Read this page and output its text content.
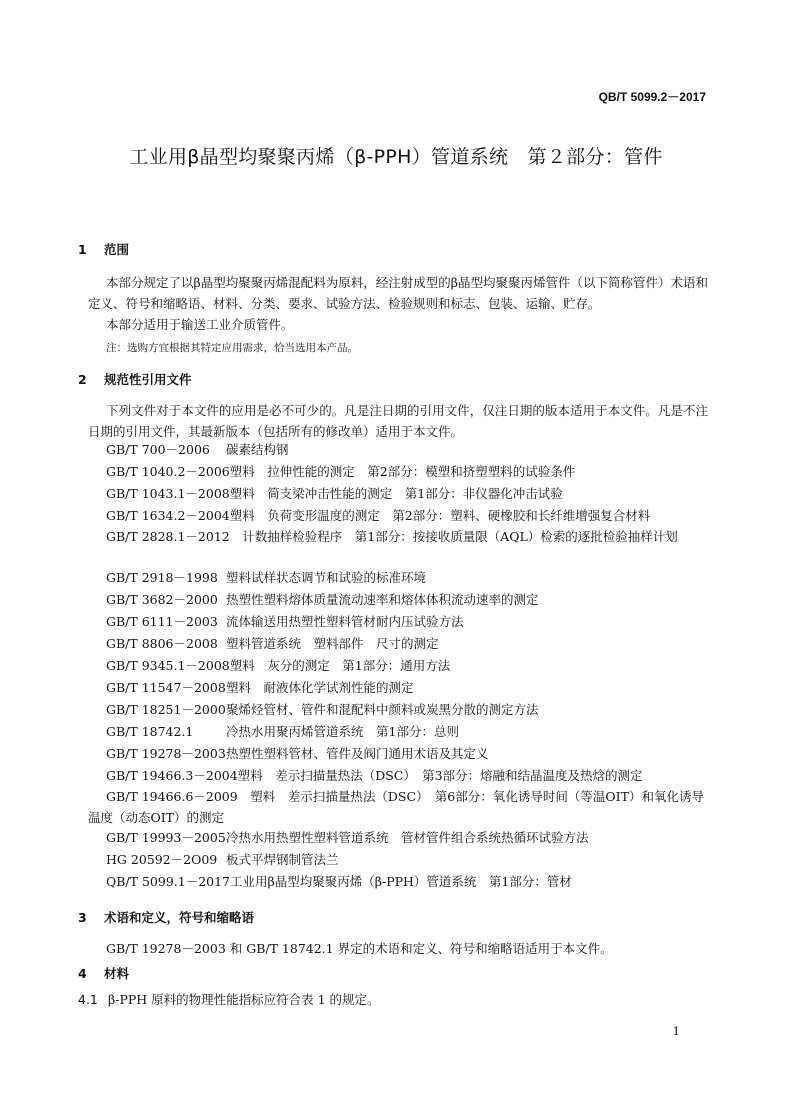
QB/T 5099.2－2017
工业用β晶型均聚聚丙烯（β-PPH）管道系统　第２部分：管件
1 范围
本部分规定了以β晶型均聚聚丙烯混配料为原料，经注射成型的β晶型均聚聚丙烯管件（以下简称管件）术语和定义、符号和缩略语、材料、分类、要求、试验方法、检验规则和标志、包装、运输、贮存。
本部分适用于输送工业介质管件。
注：选购方宜根据其特定应用需求，恰当选用本产品。
2 规范性引用文件
下列文件对于本文件的应用是必不可少的。凡是注日期的引用文件，仅注日期的版本适用于本文件。凡是不注日期的引用文件，其最新版本（包括所有的修改单）适用于本文件。
GB/T 700－2006 碳素结构钢
GB/T 1040.2－2006塑料　拉伸性能的测定　第2部分：模塑和挤塑塑料的试验条件
GB/T 1043.1－2008塑料　简支梁冲击性能的测定　第1部分：非仪器化冲击试验
GB/T 1634.2－2004塑料　负荷变形温度的测定　第2部分：塑料、硬橡胶和长纤维增强复合材料
GB/T 2828.1－2012　 计数抽样检验程序　第1部分：按接收质量限（AQL）检索的逐批检验抽样计划
GB/T 2918－1998 塑料试样状态调节和试验的标准环境
GB/T 3682－2000 热塑性塑料熔体质量流动速率和熔体体积流动速率的测定
GB/T 6111－2003 流体输送用热塑性塑料管材耐内压试验方法
GB/T 8806－2008 塑料管道系统　塑料部件　尺寸的测定
GB/T 9345.1－2008塑料　灰分的测定　第1部分：通用方法
GB/T 11547－2008塑料　耐液体化学试剂性能的测定
GB/T 18251－2000聚烯烃管材、管件和混配料中颜料或炭黑分散的测定方法
GB/T 18742.1	冷热水用聚丙烯管道系统　第1部分：总则
GB/T 19278－2003热塑性塑料管材、管件及阀门通用术语及其定义
GB/T 19466.3－2004塑料　差示扫描量热法（DSC）　第3部分：熔融和结晶温度及热焓的测定
GB/T 19466.6－2009　 塑料　差示扫描量热法（DSC）　第6部分：氧化诱导时间（等温OIT）和氧化诱导温度（动态OIT）的测定
GB/T 19993－2005冷热水用热塑性塑料管道系统　管材管件组合系统热循环试验方法
HG 20592－2O09 板式平焊钢制管法兰
QB/T 5099.1－2017工业用β晶型均聚聚丙烯（β-PPH）管道系统　第1部分：管材
3 术语和定义，符号和缩略语
GB/T 19278－2003 和 GB/T 18742.1 界定的术语和定义、符号和缩略语适用于本文件。
4 材料
4.1 β-PPH 原料的物理性能指标应符合表 1 的规定。
1
